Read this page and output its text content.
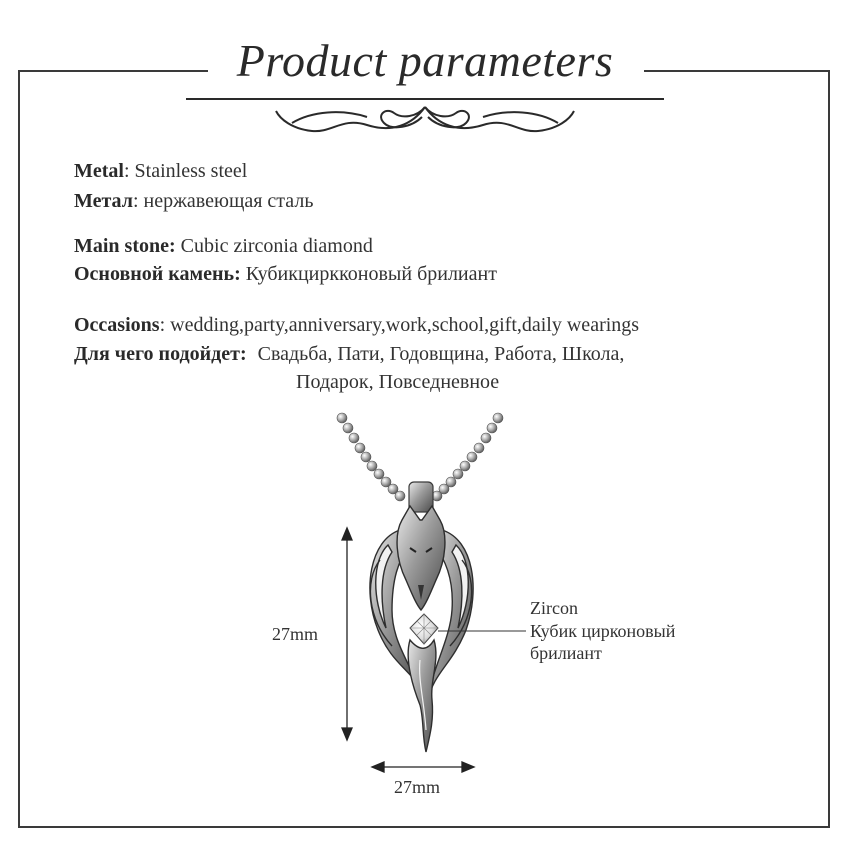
Product parameters
Metal: Stainless steel
Метал: нержавеющая сталь
Main stone: Cubic zirconia diamond
Основной камень: Кубикциркконовый брилиант
Occasions: wedding,party,anniversary,work,school,gift,daily wearings
Для чего подойдет: Свадьба, Пати, Годовщина, Работа, Школа,
Подарок, Повседневное
27mm
27mm
Zircon
Кубик цирконовый
брилиант
